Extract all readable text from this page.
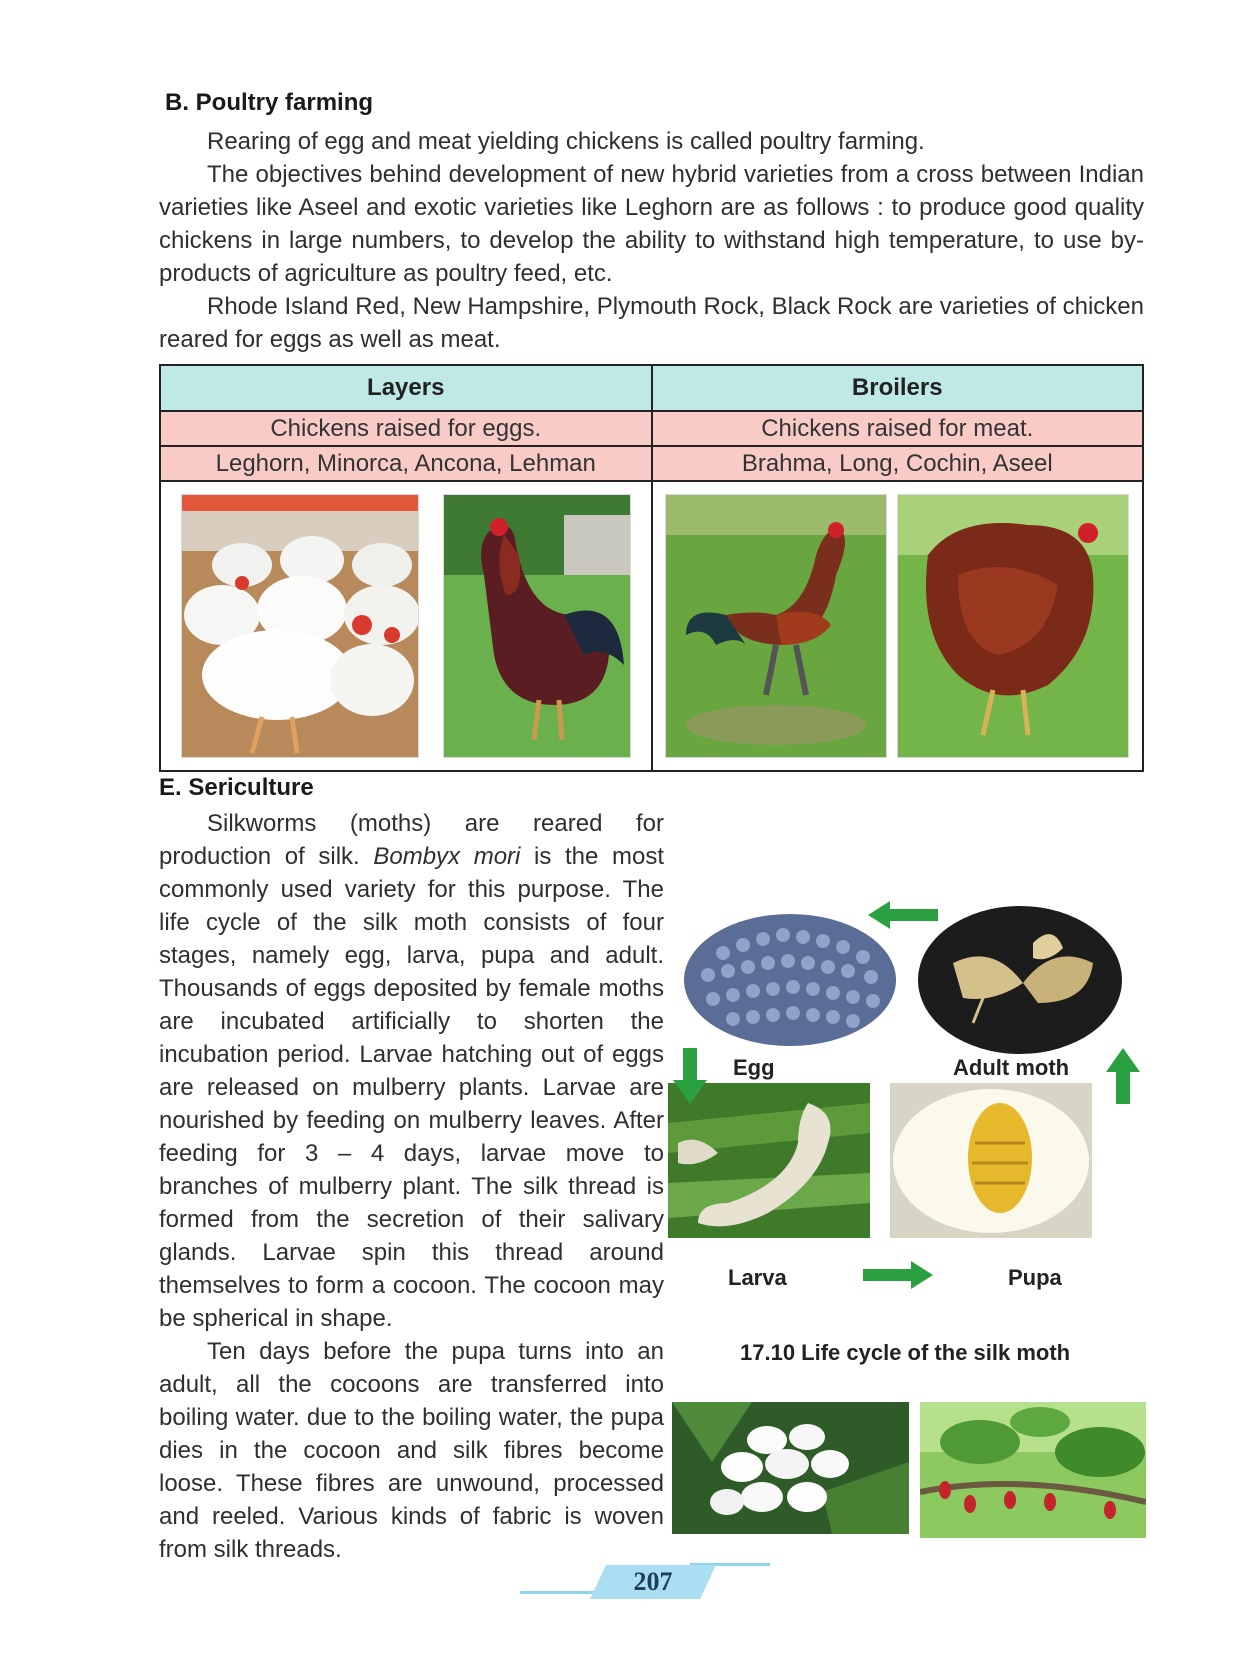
B. Poultry farming

Rearing of egg and meat yielding chickens is called poultry farming.

The objectives behind development of new hybrid varieties from a cross between Indian varieties like Aseel and exotic varieties like Leghorn are as follows : to produce good quality chickens in large numbers, to develop the ability to withstand high temperature, to use by-products of agriculture as poultry feed, etc.

Rhode Island Red, New Hampshire, Plymouth Rock, Black Rock are varieties of chicken reared for eggs as well as meat.

Layers	Broilers
Chickens raised for eggs.	Chickens raised for meat.
Leghorn, Minorca, Ancona, Lehman	Brahma, Long, Cochin, Aseel

E. Sericulture

Silkworms (moths) are reared for production of silk. Bombyx mori is the most commonly used variety for this purpose. The life cycle of the silk moth consists of four stages, namely egg, larva, pupa and adult. Thousands of eggs deposited by female moths are incubated artificially to shorten the incubation period. Larvae hatching out of eggs are released on mulberry plants. Larvae are nourished by feeding on mulberry leaves. After feeding for 3 – 4 days, larvae move to branches of mulberry plant. The silk thread is formed from the secretion of their salivary glands. Larvae spin this thread around themselves to form a cocoon. The cocoon may be spherical in shape.

Ten days before the pupa turns into an adult, all the cocoons are transferred into boiling water. due to the boiling water, the pupa dies in the cocoon and silk fibres become loose. These fibres are unwound, processed and reeled. Various kinds of fabric is woven from silk threads.

Egg	Adult moth
Larva	Pupa
17.10 Life cycle of the silk moth
207
